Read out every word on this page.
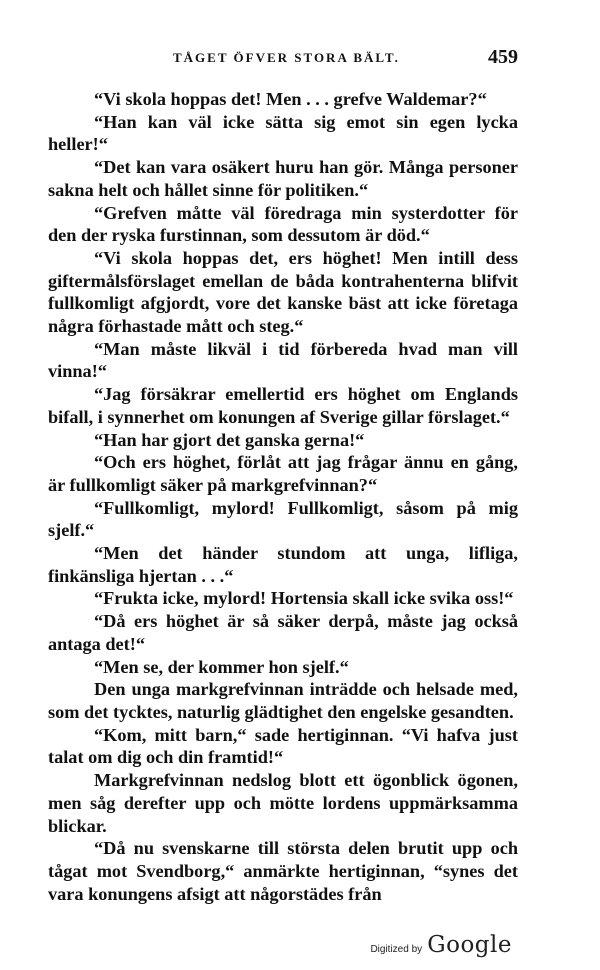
TÅGET ÖFVER STORA BÄLT.	459

“Vi skola hoppas det! Men . . . grefve Waldemar?“

“Han kan väl icke sätta sig emot sin egen lycka heller!“

“Det kan vara osäkert huru han gör. Många personer sakna helt och hållet sinne för politiken.“

“Grefven måtte väl föredraga min systerdotter för den der ryska furstinnan, som dessutom är död.“

“Vi skola hoppas det, ers höghet! Men intill dess giftermålsförslaget emellan de båda kontrahenterna blifvit fullkomligt afgjordt, vore det kanske bäst att icke företaga några förhastade mått och steg.“

“Man måste likväl i tid förbereda hvad man vill vinna!“

“Jag försäkrar emellertid ers höghet om Englands bifall, i synnerhet om konungen af Sverige gillar förslaget.“

“Han har gjort det ganska gerna!“

“Och ers höghet, förlåt att jag frågar ännu en gång, är fullkomligt säker på markgrefvinnan?“

“Fullkomligt, mylord! Fullkomligt, såsom på mig sjelf.“

“Men det händer stundom att unga, lifliga, finkänsliga hjertan . . .“

“Frukta icke, mylord! Hortensia skall icke svika oss!“

“Då ers höghet är så säker derpå, måste jag också antaga det!“

“Men se, der kommer hon sjelf.“

Den unga markgrefvinnan inträdde och helsade med, som det tycktes, naturlig glädtighet den engelske gesandten.

“Kom, mitt barn,“ sade hertiginnan. “Vi hafva just talat om dig och din framtid!“

Markgrefvinnan nedslog blott ett ögonblick ögonen, men såg derefter upp och mötte lordens uppmärksamma blickar.

“Då nu svenskarne till största delen brutit upp och tågat mot Svendborg,“ anmärkte hertiginnan, “synes det vara konungens afsigt att någorstädes från

Digitized by Google
